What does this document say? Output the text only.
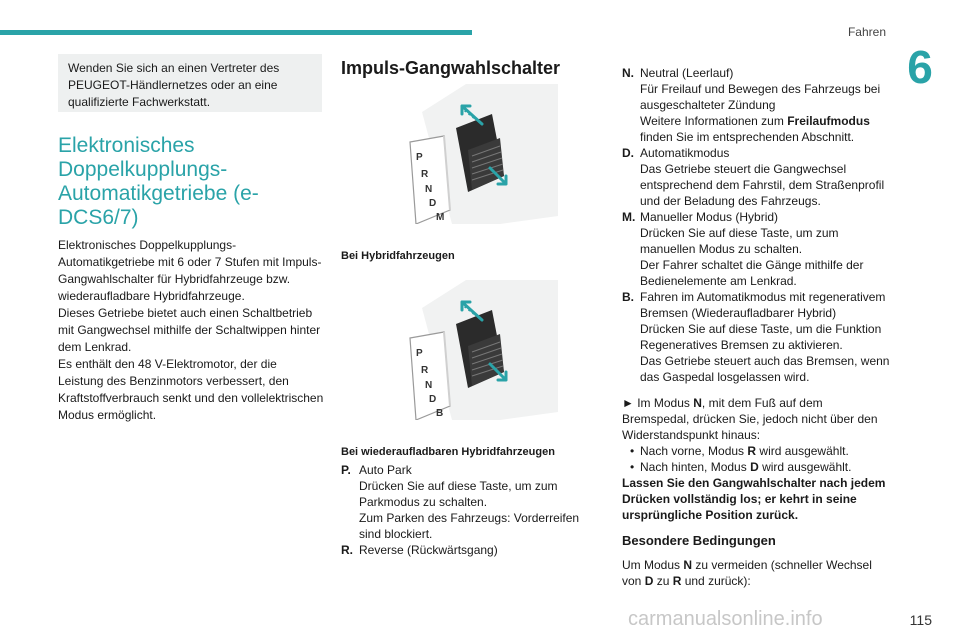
Fahren
6
Wenden Sie sich an einen Vertreter des PEUGEOT-Händlernetzes oder an eine qualifizierte Fachwerkstatt.
Elektronisches Doppelkupplungs-Automatikgetriebe (e-DCS6/7)

Elektronisches Doppelkupplungs-Automatikgetriebe mit 6 oder 7 Stufen mit Impuls-Gangwahlschalter für Hybridfahrzeuge bzw. wiederaufladbare Hybridfahrzeuge.

Dieses Getriebe bietet auch einen Schaltbetrieb mit Gangwechsel mithilfe der Schaltwippen hinter dem Lenkrad.

Es enthält den 48 V-Elektromotor, der die Leistung des Benzinmotors verbessert, den Kraftstoffverbrauch senkt und den vollelektrischen Modus ermöglicht.

Impuls-Gangwahlschalter
P
R
N
D
M
Bei Hybridfahrzeugen
P
R
N
D
B
Bei wiederaufladbaren Hybridfahrzeugen
P. Auto Park
Drücken Sie auf diese Taste, um zum Parkmodus zu schalten.
Zum Parken des Fahrzeugs: Vorderreifen sind blockiert.
R. Reverse (Rückwärtsgang)
N. Neutral (Leerlauf)
Für Freilauf und Bewegen des Fahrzeugs bei ausgeschalteter Zündung
Weitere Informationen zum Freilaufmodus finden Sie im entsprechenden Abschnitt.
D. Automatikmodus
Das Getriebe steuert die Gangwechsel entsprechend dem Fahrstil, dem Straßenprofil und der Beladung des Fahrzeugs.
M. Manueller Modus (Hybrid)
Drücken Sie auf diese Taste, um zum manuellen Modus zu schalten.
Der Fahrer schaltet die Gänge mithilfe der Bedienelemente am Lenkrad.
B. Fahren im Automatikmodus mit regenerativem Bremsen (Wiederaufladbarer Hybrid)
Drücken Sie auf diese Taste, um die Funktion Regeneratives Bremsen zu aktivieren.
Das Getriebe steuert auch das Bremsen, wenn das Gaspedal losgelassen wird.
► Im Modus N, mit dem Fuß auf dem Bremspedal, drücken Sie, jedoch nicht über den Widerstandspunkt hinaus:
• Nach vorne, Modus R wird ausgewählt.
• Nach hinten, Modus D wird ausgewählt.
Lassen Sie den Gangwahlschalter nach jedem Drücken vollständig los; er kehrt in seine ursprüngliche Position zurück.
Besondere Bedingungen
Um Modus N zu vermeiden (schneller Wechsel von D zu R und zurück):
carmanualsonline.info	115
